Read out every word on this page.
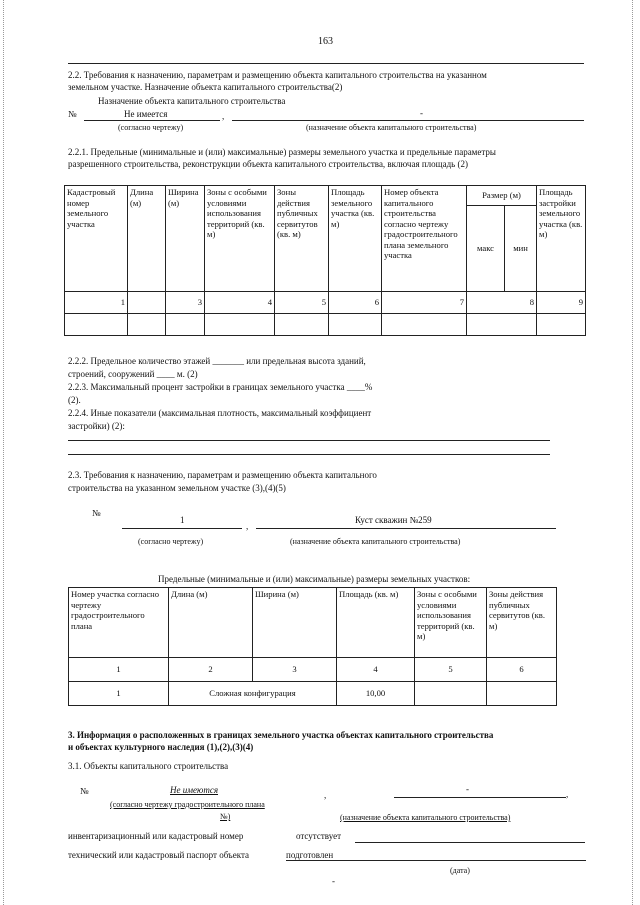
163
2.2. Требования к назначению, параметрам и размещению объекта капитального строительства на указанном
земельном участке. Назначение объекта капитального строительства(2)
Назначение объекта капитального строительства
№	Не имеется	,	-
(согласно чертежу)	(назначение объекта капитального строительства)
2.2.1. Предельные (минимальные и (или) максимальные) размеры земельного участка и предельные параметры
разрешенного строительства, реконструкции объекта капитального строительства, включая площадь (2)
Кадастровый номер земельного участка	Длина (м)	Ширина (м)	Зоны с особыми условиями использования территорий (кв. м)	Зоны действия публичных сервитутов (кв. м)	Площадь земельного участка (кв. м)	Номер объекта капитального строительства согласно чертежу градостроительного плана земельного участка	Размер (м)		Площадь застройки земельного участка (кв. м)
							макс	мин	
1		3	4	5	6	7	8		9

2.2.2. Предельное количество этажей _______ или предельная высота зданий,
строений, сооружений ____ м. (2)
2.2.3. Максимальный процент застройки в границах земельного участка ____%
(2).
2.2.4. Иные показатели (максимальная плотность, максимальный коэффициент
застройки) (2):
2.3. Требования к назначению, параметрам и размещению объекта капитального
строительства на указанном земельном участке (3),(4)(5)
№
1
,
Куст скважин №259
(согласно чертежу)	(назначение объекта капитального строительства)
Предельные (минимальные и (или) максимальные) размеры земельных участков:
Номер участка согласно чертежу градостроительного плана	Длина (м)	Ширина (м)	Площадь (кв. м)	Зоны с особыми условиями использования территорий (кв. м)	Зоны действия публичных сервитутов (кв. м)
1	2	3	4	5	6
1	Сложная конфигурация		10,00		
3. Информация о расположенных в границах земельного участка объектах капитального строительства
и объектах культурного наследия (1),(2),(3)(4)
3.1. Объекты капитального строительства
№	Не имеются	,
-	,
(согласно чертежу градостроительного плана
№)	(назначение объекта капитального строительства)
инвентаризационный или кадастровый номер	отсутствует
технический или кадастровый паспорт объекта	подготовлен
(дата)
-
